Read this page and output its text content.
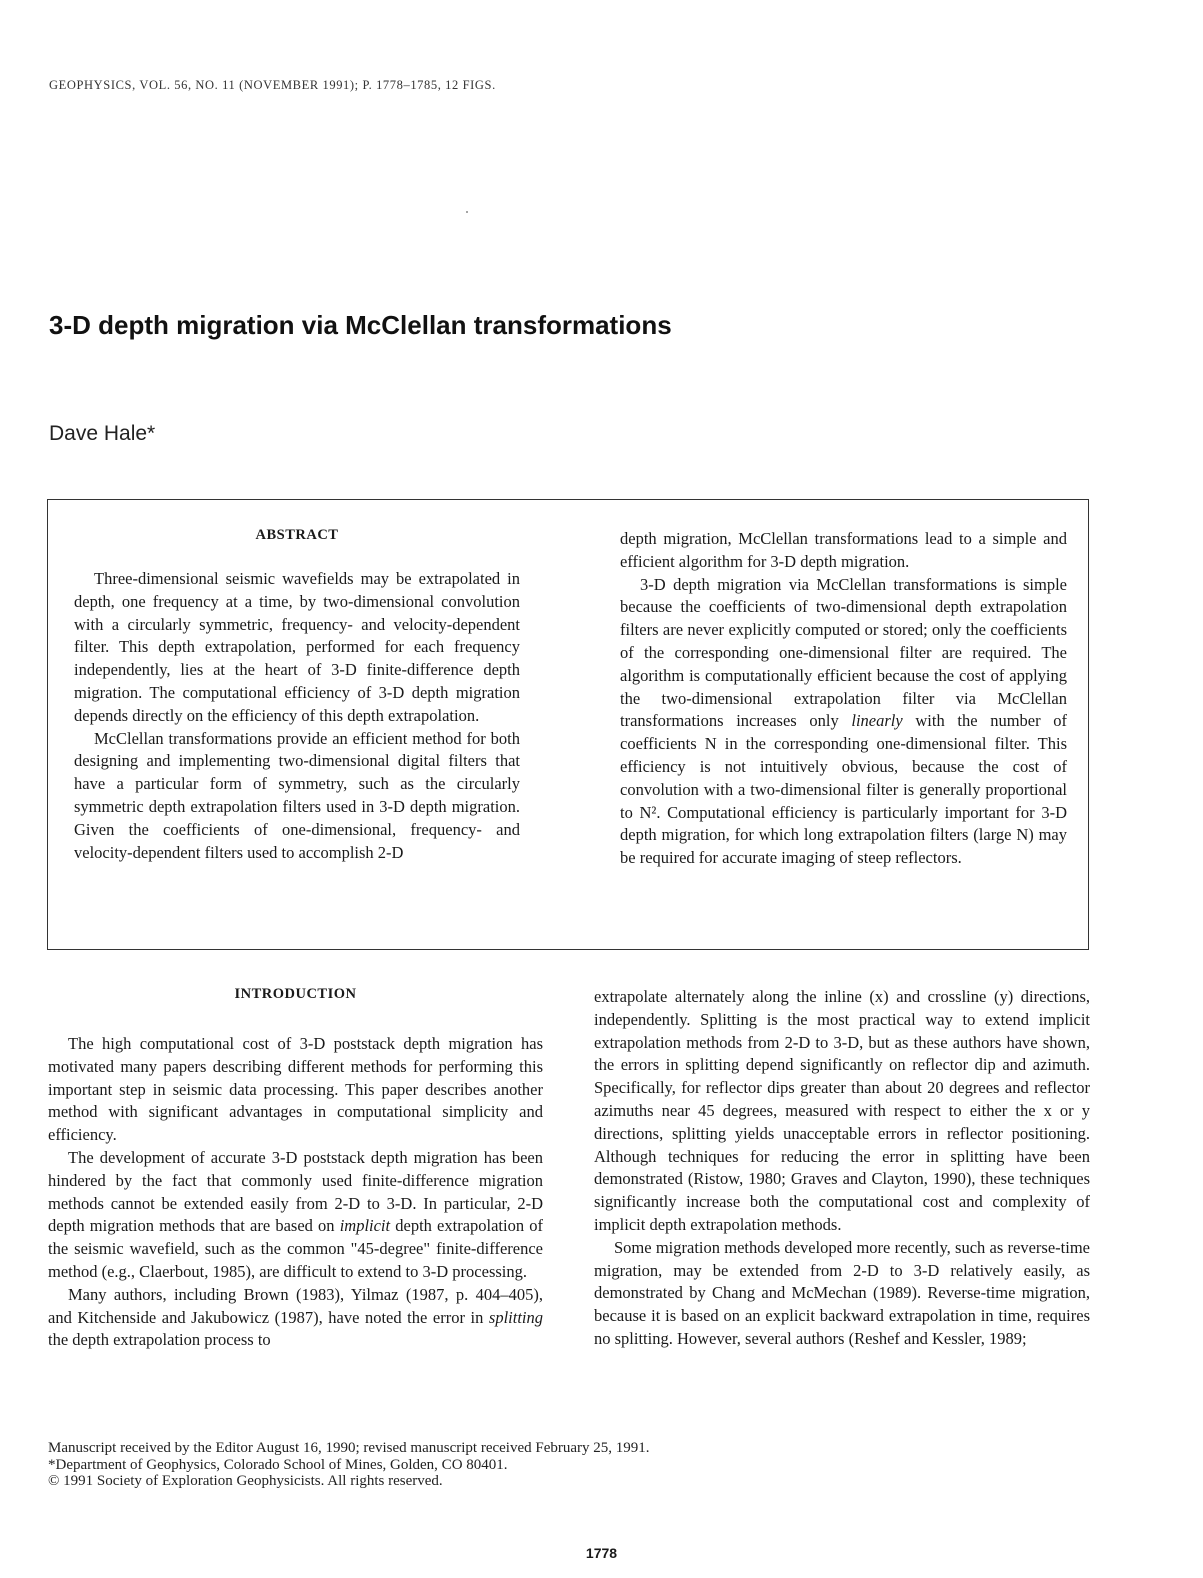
GEOPHYSICS, VOL. 56, NO. 11 (NOVEMBER 1991); P. 1778–1785, 12 FIGS.
3-D depth migration via McClellan transformations
Dave Hale*
ABSTRACT

Three-dimensional seismic wavefields may be extrapolated in depth, one frequency at a time, by two-dimensional convolution with a circularly symmetric, frequency- and velocity-dependent filter. This depth extrapolation, performed for each frequency independently, lies at the heart of 3-D finite-difference depth migration. The computational efficiency of 3-D depth migration depends directly on the efficiency of this depth extrapolation.

McClellan transformations provide an efficient method for both designing and implementing two-dimensional digital filters that have a particular form of symmetry, such as the circularly symmetric depth extrapolation filters used in 3-D depth migration. Given the coefficients of one-dimensional, frequency- and velocity-dependent filters used to accomplish 2-D

depth migration, McClellan transformations lead to a simple and efficient algorithm for 3-D depth migration.

3-D depth migration via McClellan transformations is simple because the coefficients of two-dimensional depth extrapolation filters are never explicitly computed or stored; only the coefficients of the corresponding one-dimensional filter are required. The algorithm is computationally efficient because the cost of applying the two-dimensional extrapolation filter via McClellan transformations increases only linearly with the number of coefficients N in the corresponding one-dimensional filter. This efficiency is not intuitively obvious, because the cost of convolution with a two-dimensional filter is generally proportional to N². Computational efficiency is particularly important for 3-D depth migration, for which long extrapolation filters (large N) may be required for accurate imaging of steep reflectors.

INTRODUCTION

The high computational cost of 3-D poststack depth migration has motivated many papers describing different methods for performing this important step in seismic data processing. This paper describes another method with significant advantages in computational simplicity and efficiency.

The development of accurate 3-D poststack depth migration has been hindered by the fact that commonly used finite-difference migration methods cannot be extended easily from 2-D to 3-D. In particular, 2-D depth migration methods that are based on implicit depth extrapolation of the seismic wavefield, such as the common "45-degree" finite-difference method (e.g., Claerbout, 1985), are difficult to extend to 3-D processing.

Many authors, including Brown (1983), Yilmaz (1987, p. 404–405), and Kitchenside and Jakubowicz (1987), have noted the error in splitting the depth extrapolation process to

extrapolate alternately along the inline (x) and crossline (y) directions, independently. Splitting is the most practical way to extend implicit extrapolation methods from 2-D to 3-D, but as these authors have shown, the errors in splitting depend significantly on reflector dip and azimuth. Specifically, for reflector dips greater than about 20 degrees and reflector azimuths near 45 degrees, measured with respect to either the x or y directions, splitting yields unacceptable errors in reflector positioning. Although techniques for reducing the error in splitting have been demonstrated (Ristow, 1980; Graves and Clayton, 1990), these techniques significantly increase both the computational cost and complexity of implicit depth extrapolation methods.

Some migration methods developed more recently, such as reverse-time migration, may be extended from 2-D to 3-D relatively easily, as demonstrated by Chang and McMechan (1989). Reverse-time migration, because it is based on an explicit backward extrapolation in time, requires no splitting. However, several authors (Reshef and Kessler, 1989;

Manuscript received by the Editor August 16, 1990; revised manuscript received February 25, 1991.
*Department of Geophysics, Colorado School of Mines, Golden, CO 80401.
© 1991 Society of Exploration Geophysicists. All rights reserved.
1778
